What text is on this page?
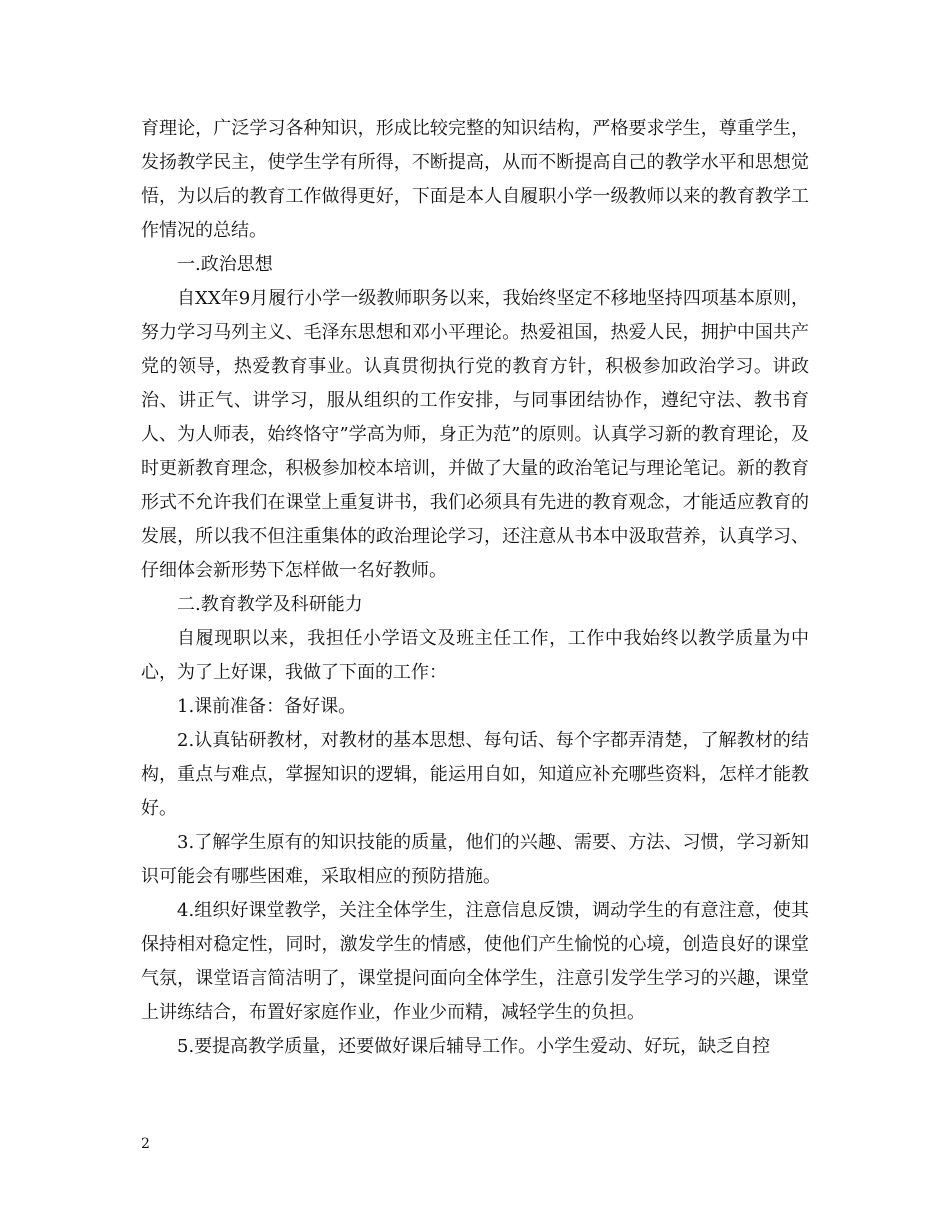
育理论，广泛学习各种知识，形成比较完整的知识结构，严格要求学生，尊重学生，发扬教学民主，使学生学有所得，不断提高，从而不断提高自己的教学水平和思想觉悟，为以后的教育工作做得更好，下面是本人自履职小学一级教师以来的教育教学工作情况的总结。

一.政治思想

自XX年9月履行小学一级教师职务以来，我始终坚定不移地坚持四项基本原则，努力学习马列主义、毛泽东思想和邓小平理论。热爱祖国，热爱人民，拥护中国共产党的领导，热爱教育事业。认真贯彻执行党的教育方针，积极参加政治学习。讲政治、讲正气、讲学习，服从组织的工作安排，与同事团结协作，遵纪守法、教书育人、为人师表，始终恪守”学高为师，身正为范”的原则。认真学习新的教育理论，及时更新教育理念，积极参加校本培训，并做了大量的政治笔记与理论笔记。新的教育形式不允许我们在课堂上重复讲书，我们必须具有先进的教育观念，才能适应教育的发展，所以我不但注重集体的政治理论学习，还注意从书本中汲取营养，认真学习、仔细体会新形势下怎样做一名好教师。

二.教育教学及科研能力

自履现职以来，我担任小学语文及班主任工作，工作中我始终以教学质量为中心，为了上好课，我做了下面的工作：

1.课前准备：备好课。

2.认真钻研教材，对教材的基本思想、每句话、每个字都弄清楚，了解教材的结构，重点与难点，掌握知识的逻辑，能运用自如，知道应补充哪些资料，怎样才能教好。

3.了解学生原有的知识技能的质量，他们的兴趣、需要、方法、习惯，学习新知识可能会有哪些困难，采取相应的预防措施。

4.组织好课堂教学，关注全体学生，注意信息反馈，调动学生的有意注意，使其保持相对稳定性，同时，激发学生的情感，使他们产生愉悦的心境，创造良好的课堂气氛，课堂语言简洁明了，课堂提问面向全体学生，注意引发学生学习的兴趣，课堂上讲练结合，布置好家庭作业，作业少而精，减轻学生的负担。

5.要提高教学质量，还要做好课后辅导工作。小学生爱动、好玩，缺乏自控

2
